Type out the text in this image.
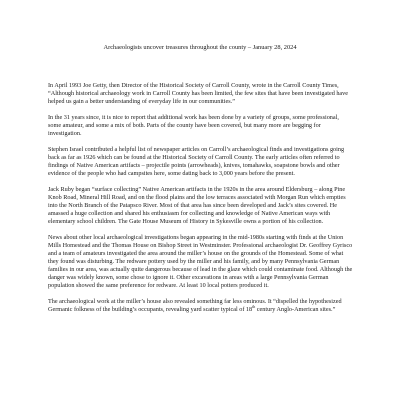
Archaeologists uncover treasures throughout the county – January 28, 2024

In April 1993 Joe Getty, then Director of the Historical Society of Carroll County, wrote in the Carroll County Times, “Although historical archaeology work in Carroll County has been limited, the few sites that have been investigated have helped us gain a better understanding of everyday life in our communities.”

In the 31 years since, it is nice to report that additional work has been done by a variety of groups, some professional, some amateur, and some a mix of both. Parts of the county have been covered, but many more are begging for investigation.

Stephen Israel contributed a helpful list of newspaper articles on Carroll’s archaeological finds and investigations going back as far as 1926 which can be found at the Historical Society of Carroll County. The early articles often referred to findings of Native American artifacts – projectile points (arrowheads), knives, tomahawks, soapstone bowls and other evidence of the people who had campsites here, some dating back to 3,000 years before the present.

Jack Ruby began “surface collecting” Native American artifacts in the 1920s in the area around Eldersburg – along Pine Knob Road, Mineral Hill Road, and on the flood plains and the low terraces associated with Morgan Run which empties into the North Branch of the Patapsco River. Most of that area has since been developed and Jack’s sites covered. He amassed a huge collection and shared his enthusiasm for collecting and knowledge of Native American ways with elementary school children. The Gate House Museum of History in Sykesville owns a portion of his collection.

News about other local archaeological investigations began appearing in the mid-1980s starting with finds at the Union Mills Homestead and the Thomas House on Bishop Street in Westminster. Professional archaeologist Dr. Geoffrey Gyrisco and a team of amateurs investigated the area around the miller’s house on the grounds of the Homestead. Some of what they found was disturbing. The redware pottery used by the miller and his family, and by many Pennsylvania German families in our area, was actually quite dangerous because of lead in the glaze which could contaminate food. Although the danger was widely known, some chose to ignore it. Other excavations in areas with a large Pennsylvania German population showed the same preference for redware. At least 10 local potters produced it.

The archaeological work at the miller’s house also revealed something far less ominous. It “dispelled the hypothesized Germanic folkness of the building’s occupants, revealing yard scatter typical of 18th century Anglo-American sites.”
